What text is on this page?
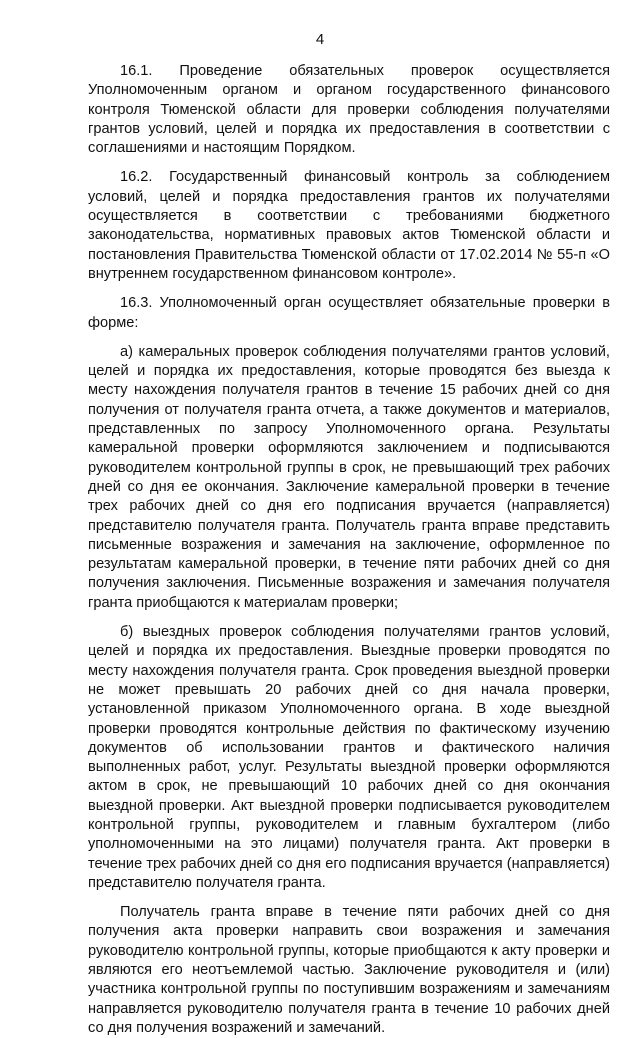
4

16.1. Проведение обязательных проверок осуществляется Уполномоченным органом и органом государственного финансового контроля Тюменской области для проверки соблюдения получателями грантов условий, целей и порядка их предоставления в соответствии с соглашениями и настоящим Порядком.

16.2. Государственный финансовый контроль за соблюдением условий, целей и порядка предоставления грантов их получателями осуществляется в соответствии с требованиями бюджетного законодательства, нормативных правовых актов Тюменской области и постановления Правительства Тюменской области от 17.02.2014 № 55-п «О внутреннем государственном финансовом контроле».

16.3. Уполномоченный орган осуществляет обязательные проверки в форме:

а) камеральных проверок соблюдения получателями грантов условий, целей и порядка их предоставления, которые проводятся без выезда к месту нахождения получателя грантов в течение 15 рабочих дней со дня получения от получателя гранта отчета, а также документов и материалов, представленных по запросу Уполномоченного органа. Результаты камеральной проверки оформляются заключением и подписываются руководителем контрольной группы в срок, не превышающий трех рабочих дней со дня ее окончания. Заключение камеральной проверки в течение трех рабочих дней со дня его подписания вручается (направляется) представителю получателя гранта. Получатель гранта вправе представить письменные возражения и замечания на заключение, оформленное по результатам камеральной проверки, в течение пяти рабочих дней со дня получения заключения. Письменные возражения и замечания получателя гранта приобщаются к материалам проверки;

б) выездных проверок соблюдения получателями грантов условий, целей и порядка их предоставления. Выездные проверки проводятся по месту нахождения получателя гранта. Срок проведения выездной проверки не может превышать 20 рабочих дней со дня начала проверки, установленной приказом Уполномоченного органа. В ходе выездной проверки проводятся контрольные действия по фактическому изучению документов об использовании грантов и фактического наличия выполненных работ, услуг. Результаты выездной проверки оформляются актом в срок, не превышающий 10 рабочих дней со дня окончания выездной проверки. Акт выездной проверки подписывается руководителем контрольной группы, руководителем и главным бухгалтером (либо уполномоченными на это лицами) получателя гранта. Акт проверки в течение трех рабочих дней со дня его подписания вручается (направляется) представителю получателя гранта.

Получатель гранта вправе в течение пяти рабочих дней со дня получения акта проверки направить свои возражения и замечания руководителю контрольной группы, которые приобщаются к акту проверки и являются его неотъемлемой частью. Заключение руководителя и (или) участника контрольной группы по поступившим возражениям и замечаниям направляется руководителю получателя гранта в течение 10 рабочих дней со дня получения возражений и замечаний.
